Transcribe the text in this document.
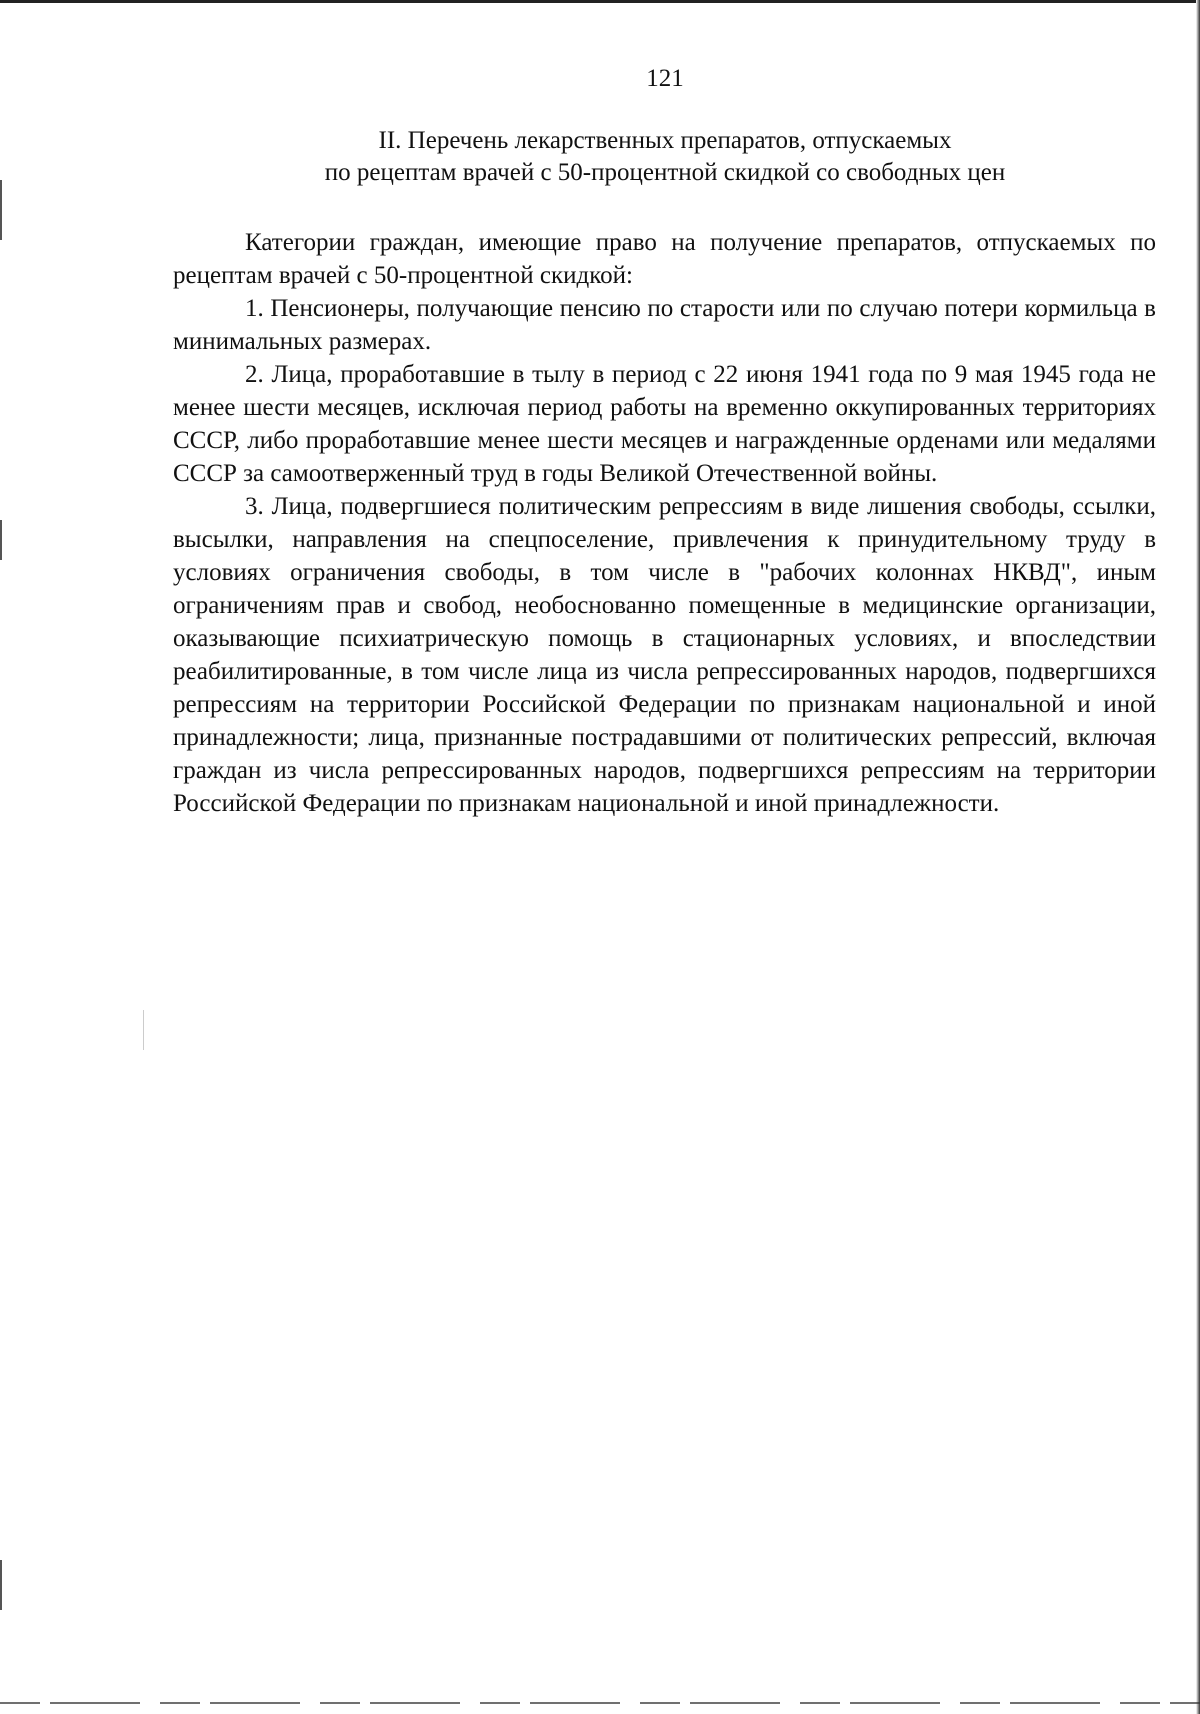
121
II. Перечень лекарственных препаратов, отпускаемых
по рецептам врачей с 50-процентной скидкой со свободных цен

Категории граждан, имеющие право на получение препаратов, отпускаемых по рецептам врачей с 50-процентной скидкой:

1. Пенсионеры, получающие пенсию по старости или по случаю потери кормильца в минимальных размерах.

2. Лица, проработавшие в тылу в период с 22 июня 1941 года по 9 мая 1945 года не менее шести месяцев, исключая период работы на временно оккупированных территориях СССР, либо проработавшие менее шести месяцев и награжденные орденами или медалями СССР за самоотверженный труд в годы Великой Отечественной войны.

3. Лица, подвергшиеся политическим репрессиям в виде лишения свободы, ссылки, высылки, направления на спецпоселение, привлечения к принудительному труду в условиях ограничения свободы, в том числе в "рабочих колоннах НКВД", иным ограничениям прав и свобод, необоснованно помещенные в медицинские организации, оказывающие психиатрическую помощь в стационарных условиях, и впоследствии реабилитированные, в том числе лица из числа репрессированных народов, подвергшихся репрессиям на территории Российской Федерации по признакам национальной и иной принадлежности; лица, признанные пострадавшими от политических репрессий, включая граждан из числа репрессированных народов, подвергшихся репрессиям на территории Российской Федерации по признакам национальной и иной принадлежности.
